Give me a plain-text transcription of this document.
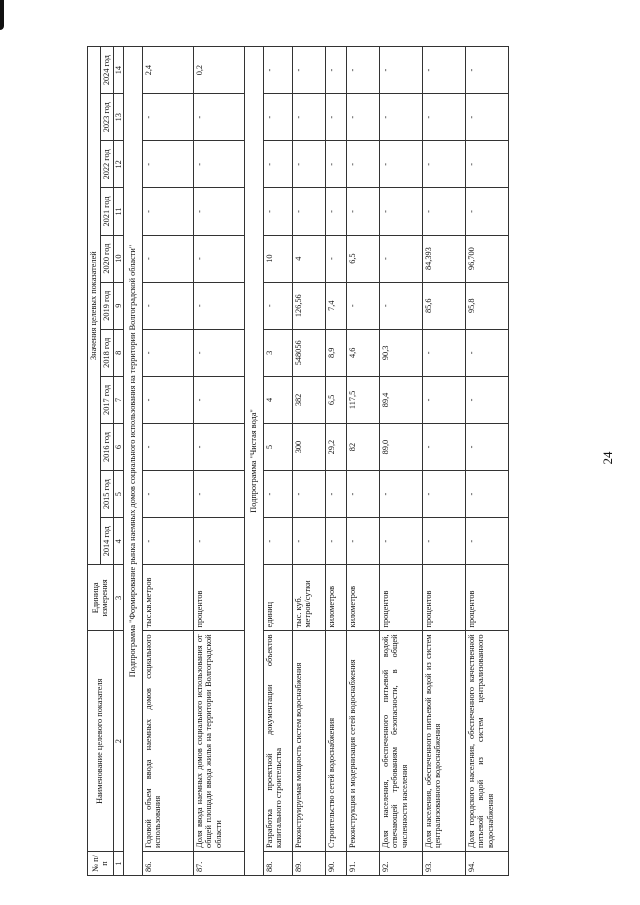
24
№ п/п	Наименование целевого показателя	Единица измерения	Значения целевых показателей										
			2014 год	2015 год	2016 год	2017 год	2018 год	2019 год	2020 год	2021 год	2022 год	2023 год	2024 год
1	2	3	4	5	6	7	8	9	10	11	12	13	14
Подпрограмма "Формирование рынка наемных домов социального использования на территории Волгоградской области"													
86.	Годовой объем ввода наемных домов социального использования	тыс.кв.метров	-	-	-	-	-	-	-	-	-	-	2,4
87.	Доля ввода наемных домов социального использования от общей площади ввода жилья на территории Волгоградской области	процентов	-	-	-	-	-	-	-	-	-	-	0,2
Подпрограмма "Чистая вода"													
88.	Разработка проектной документации объектов капитального строительства	единиц	-	-	5	4	3	-	10	-	-	-	-
89.	Реконструируемая мощность систем водоснабжения	тыс. куб. метров/сутки	-	-	300	382	548056	126,56	4	-	-	-	-
90.	Строительство сетей водоснабжения	километров	-	-	29,2	6,5	8,9	7,4	-	-	-	-	-
91.	Реконструкция и модернизация сетей водоснабжения	километров	-	-	82	117,5	4,6	-	6,5	-	-	-	-
92.	Доля населения, обеспеченного питьевой водой, отвечающей требованиям безопасности, в общей численности населения	процентов	-	-	89,0	89,4	90,3	-	-	-	-	-	-
93.	Доля населения, обеспеченного питьевой водой из систем централизованного водоснабжения	процентов	-	-	-	-	-	85,6	84,393	-	-	-	-
94.	Доля городского населения, обеспеченного качественной питьевой водой из систем централизованного водоснабжения	процентов	-	-	-	-	-	95,8	96,700	-	-	-	-
